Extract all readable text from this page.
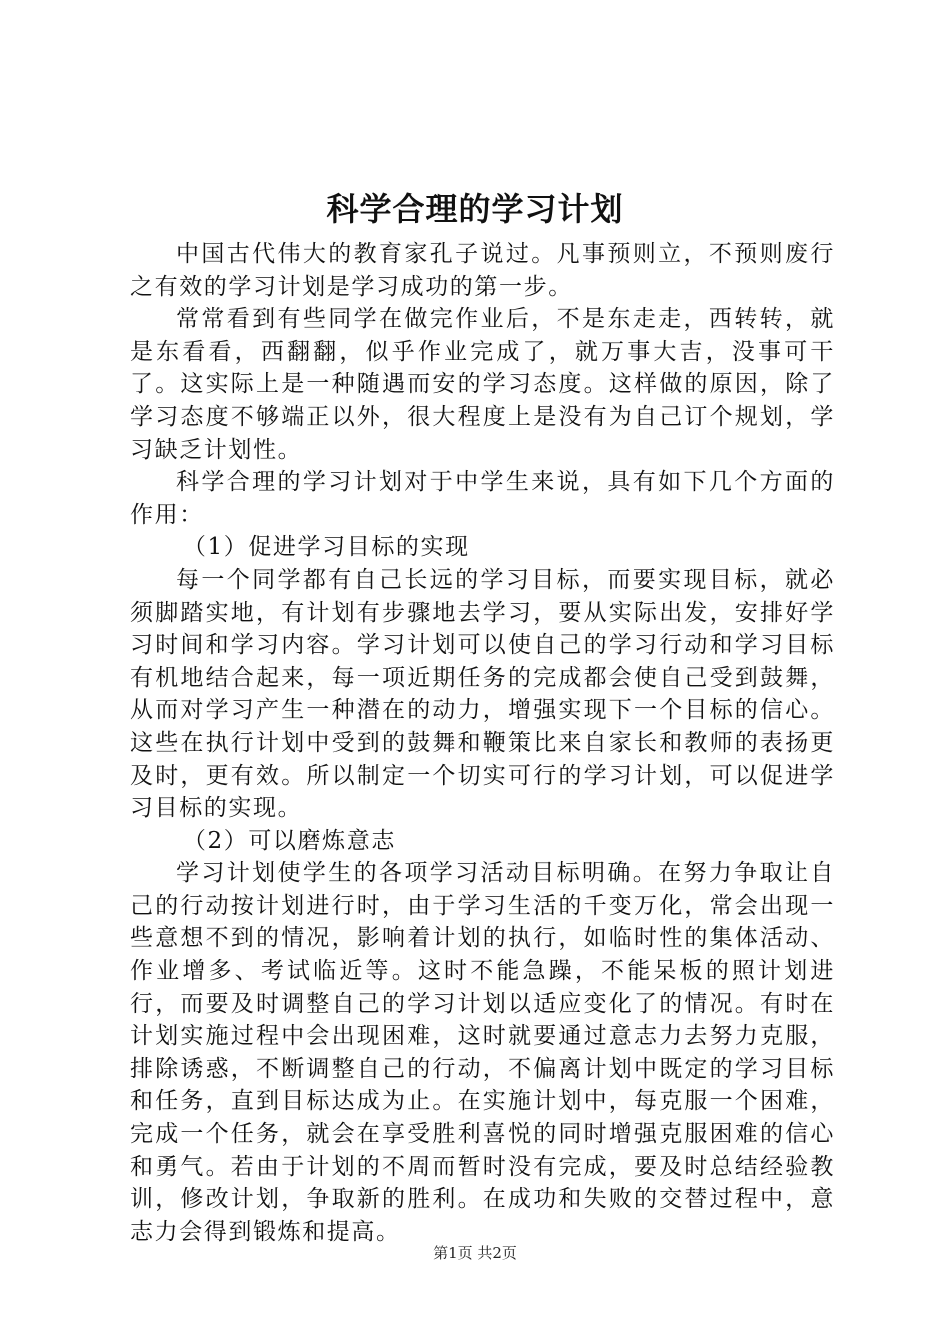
科学合理的学习计划

中国古代伟大的教育家孔子说过。凡事预则立，不预则废行之有效的学习计划是学习成功的第一步。

常常看到有些同学在做完作业后，不是东走走，西转转，就是东看看，西翻翻，似乎作业完成了，就万事大吉，没事可干了。这实际上是一种随遇而安的学习态度。这样做的原因，除了学习态度不够端正以外，很大程度上是没有为自己订个规划，学习缺乏计划性。

科学合理的学习计划对于中学生来说，具有如下几个方面的作用：

（1）促进学习目标的实现

每一个同学都有自己长远的学习目标，而要实现目标，就必须脚踏实地，有计划有步骤地去学习，要从实际出发，安排好学习时间和学习内容。学习计划可以使自己的学习行动和学习目标有机地结合起来，每一项近期任务的完成都会使自己受到鼓舞，从而对学习产生一种潜在的动力，增强实现下一个目标的信心。这些在执行计划中受到的鼓舞和鞭策比来自家长和教师的表扬更及时，更有效。所以制定一个切实可行的学习计划，可以促进学习目标的实现。

（2）可以磨炼意志

学习计划使学生的各项学习活动目标明确。在努力争取让自己的行动按计划进行时，由于学习生活的千变万化，常会出现一些意想不到的情况，影响着计划的执行，如临时性的集体活动、作业增多、考试临近等。这时不能急躁，不能呆板的照计划进行，而要及时调整自己的学习计划以适应变化了的情况。有时在计划实施过程中会出现困难，这时就要通过意志力去努力克服，排除诱惑，不断调整自己的行动，不偏离计划中既定的学习目标和任务，直到目标达成为止。在实施计划中，每克服一个困难，完成一个任务，就会在享受胜利喜悦的同时增强克服困难的信心和勇气。若由于计划的不周而暂时没有完成，要及时总结经验教训，修改计划，争取新的胜利。在成功和失败的交替过程中，意志力会得到锻炼和提高。

第1页 共2页
